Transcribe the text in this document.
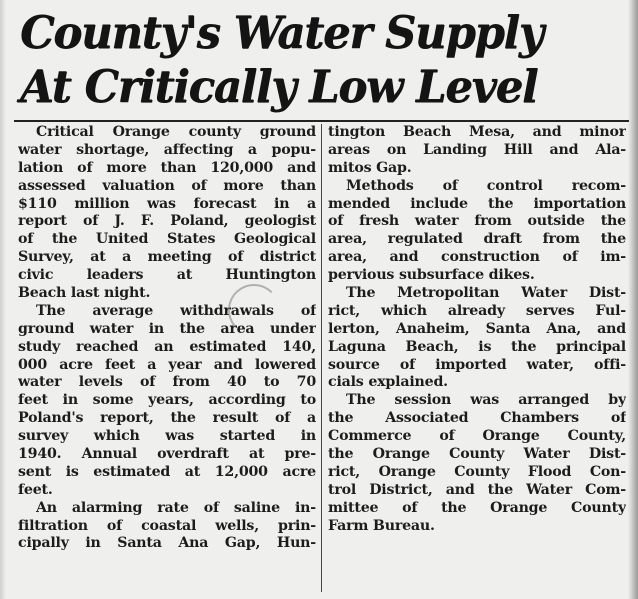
County's Water Supply
At Critically Low Level
Critical Orange county ground
water shortage, affecting a popu-
lation of more than 120,000 and
assessed valuation of more than
$110 million was forecast in a
report of J. F. Poland, geologist
of the United States Geological
Survey, at a meeting of district
civic leaders at Huntington
Beach last night.
The average withdrawals of
ground water in the area under
study reached an estimated 140,
000 acre feet a year and lowered
water levels of from 40 to 70
feet in some years, according to
Poland's report, the result of a
survey which was started in
1940. Annual overdraft at pre-
sent is estimated at 12,000 acre
feet.
An alarming rate of saline in-
filtration of coastal wells, prin-
cipally in Santa Ana Gap, Hun-
tington Beach Mesa, and minor
areas on Landing Hill and Ala-
mitos Gap.
Methods of control recom-
mended include the importation
of fresh water from outside the
area, regulated draft from the
area, and construction of im-
pervious subsurface dikes.
The Metropolitan Water Dist-
rict, which already serves Ful-
lerton, Anaheim, Santa Ana, and
Laguna Beach, is the principal
source of imported water, offi-
cials explained.
The session was arranged by
the Associated Chambers of
Commerce of Orange County,
the Orange County Water Dist-
rict, Orange County Flood Con-
trol District, and the Water Com-
mittee of the Orange County
Farm Bureau.
